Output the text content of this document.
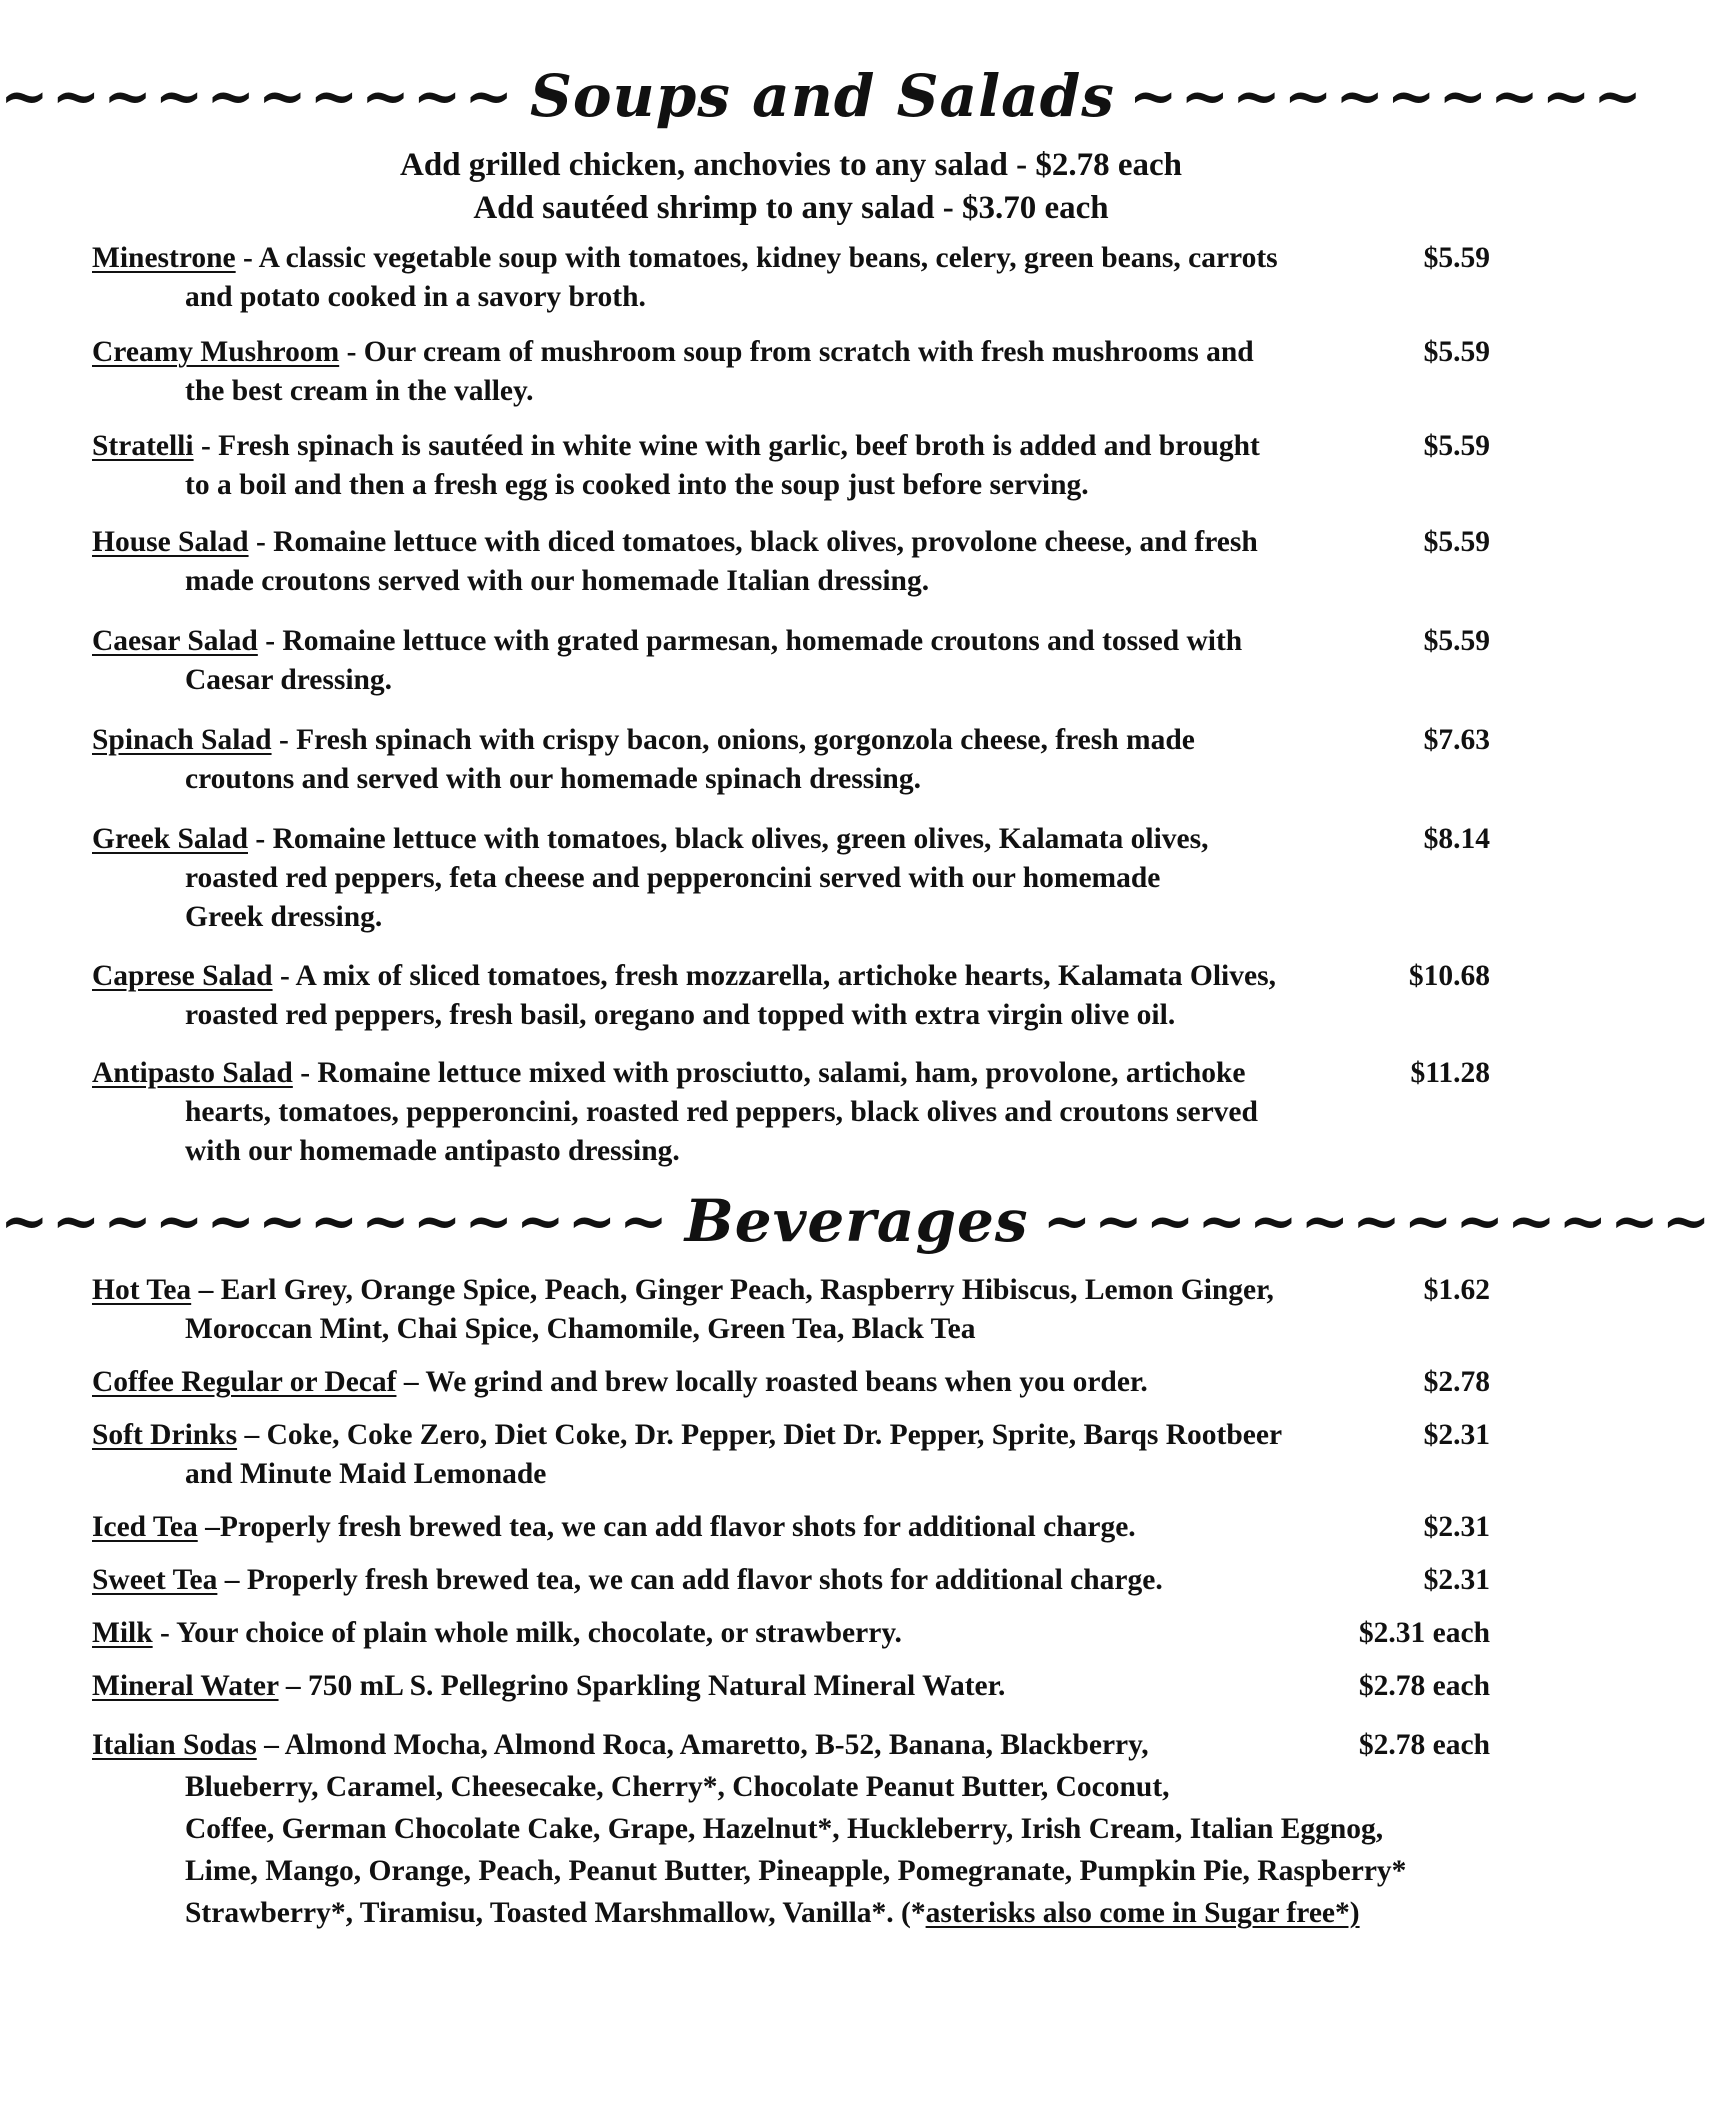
~~~~~~~~~~ Soups and Salads ~~~~~~~~~~
Add grilled chicken, anchovies to any salad - $2.78 each
Add sautéed shrimp to any salad - $3.70 each
Minestrone - A classic vegetable soup with tomatoes, kidney beans, celery, green beans, carrots
and potato cooked in a savory broth.
$5.59
Creamy Mushroom - Our cream of mushroom soup from scratch with fresh mushrooms and
the best cream in the valley.
$5.59
Stratelli - Fresh spinach is sautéed in white wine with garlic, beef broth is added and brought
to a boil and then a fresh egg is cooked into the soup just before serving.
$5.59
House Salad - Romaine lettuce with diced tomatoes, black olives, provolone cheese, and fresh
made croutons served with our homemade Italian dressing.
$5.59
Caesar Salad - Romaine lettuce with grated parmesan, homemade croutons and tossed with
Caesar dressing.
$5.59
Spinach Salad - Fresh spinach with crispy bacon, onions, gorgonzola cheese, fresh made
croutons and served with our homemade spinach dressing.
$7.63
Greek Salad - Romaine lettuce with tomatoes, black olives, green olives, Kalamata olives,
roasted red peppers, feta cheese and pepperoncini served with our homemade
Greek dressing.
$8.14
Caprese Salad - A mix of sliced tomatoes, fresh mozzarella, artichoke hearts, Kalamata Olives,
roasted red peppers, fresh basil, oregano and topped with extra virgin olive oil.
$10.68
Antipasto Salad - Romaine lettuce mixed with prosciutto, salami, ham, provolone, artichoke
hearts, tomatoes, pepperoncini, roasted red peppers, black olives and croutons served
with our homemade antipasto dressing.
$11.28
~~~~~~~~~~~~~ Beverages ~~~~~~~~~~~~~
Hot Tea – Earl Grey, Orange Spice, Peach, Ginger Peach, Raspberry Hibiscus, Lemon Ginger,
Moroccan Mint, Chai Spice, Chamomile, Green Tea, Black Tea
$1.62
Coffee Regular or Decaf – We grind and brew locally roasted beans when you order.	$2.78
Soft Drinks – Coke, Coke Zero, Diet Coke, Dr. Pepper, Diet Dr. Pepper, Sprite, Barqs Rootbeer
and Minute Maid Lemonade
$2.31
Iced Tea –Properly fresh brewed tea, we can add flavor shots for additional charge.	$2.31
Sweet Tea – Properly fresh brewed tea, we can add flavor shots for additional charge.	$2.31
Milk - Your choice of plain whole milk, chocolate, or strawberry.	$2.31 each
Mineral Water – 750 mL S. Pellegrino Sparkling Natural Mineral Water.	$2.78 each
Italian Sodas – Almond Mocha, Almond Roca, Amaretto, B-52, Banana, Blackberry,
Blueberry, Caramel, Cheesecake, Cherry*, Chocolate Peanut Butter, Coconut,
Coffee, German Chocolate Cake, Grape, Hazelnut*, Huckleberry, Irish Cream, Italian Eggnog,
Lime, Mango, Orange, Peach, Peanut Butter, Pineapple, Pomegranate, Pumpkin Pie, Raspberry*
Strawberry*, Tiramisu, Toasted Marshmallow, Vanilla*. (*asterisks also come in Sugar free*)
$2.78 each
